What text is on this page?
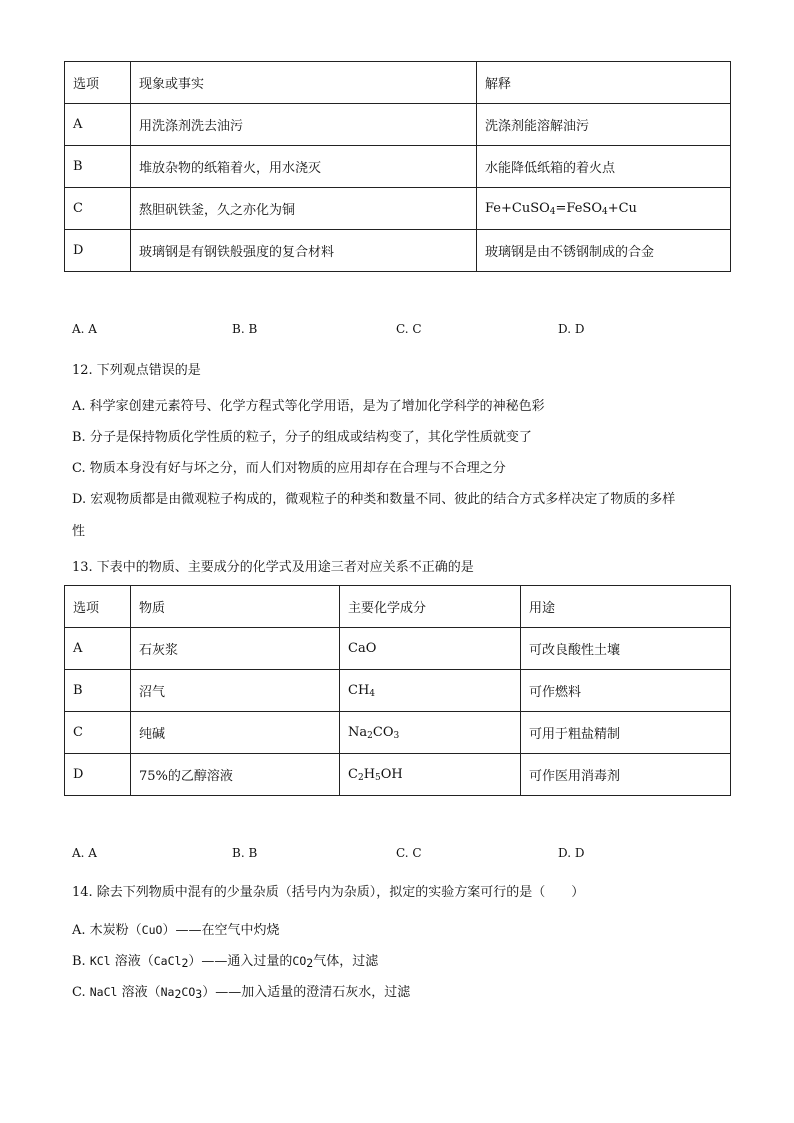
选项	现象或事实	解释
A	用洗涤剂洗去油污	洗涤剂能溶解油污
B	堆放杂物的纸箱着火，用水浇灭	水能降低纸箱的着火点
C	熬胆矾铁釜，久之亦化为铜	Fe+CuSO$_4$=FeSO$_4$+Cu
D	玻璃钢是有钢铁般强度的复合材料	玻璃钢是由不锈钢制成的合金
A. A	B. B	C. C	D. D
12. 下列观点错误的是
A. 科学家创建元素符号、化学方程式等化学用语，是为了增加化学科学的神秘色彩
B. 分子是保持物质化学性质的粒子，分子的组成或结构变了，其化学性质就变了
C. 物质本身没有好与坏之分，而人们对物质的应用却存在合理与不合理之分
D. 宏观物质都是由微观粒子构成的，微观粒子的种类和数量不同、彼此的结合方式多样决定了物质的多样
性
13. 下表中的物质、主要成分的化学式及用途三者对应关系不正确的是
选项	物质	主要化学成分	用途
A	石灰浆	CaO	可改良酸性土壤
B	沼气	$CH_4$	可作燃料
C	纯碱	$Na_2CO_3$	可用于粗盐精制
D	75%的乙醇溶液	$C_2H_5OH$	可作医用消毒剂
A. A	B. B	C. C	D. D
14. 除去下列物质中混有的少量杂质（括号内为杂质），拟定的实验方案可行的是（　　）
A. 木炭粉（CuO）——在空气中灼烧
B. KCl 溶液（CaCl$_2$）——通入过量的$CO_2$气体，过滤
C. NaCl 溶液$(Na_2CO_3)——$加入适量的澄清石灰水，过滤
